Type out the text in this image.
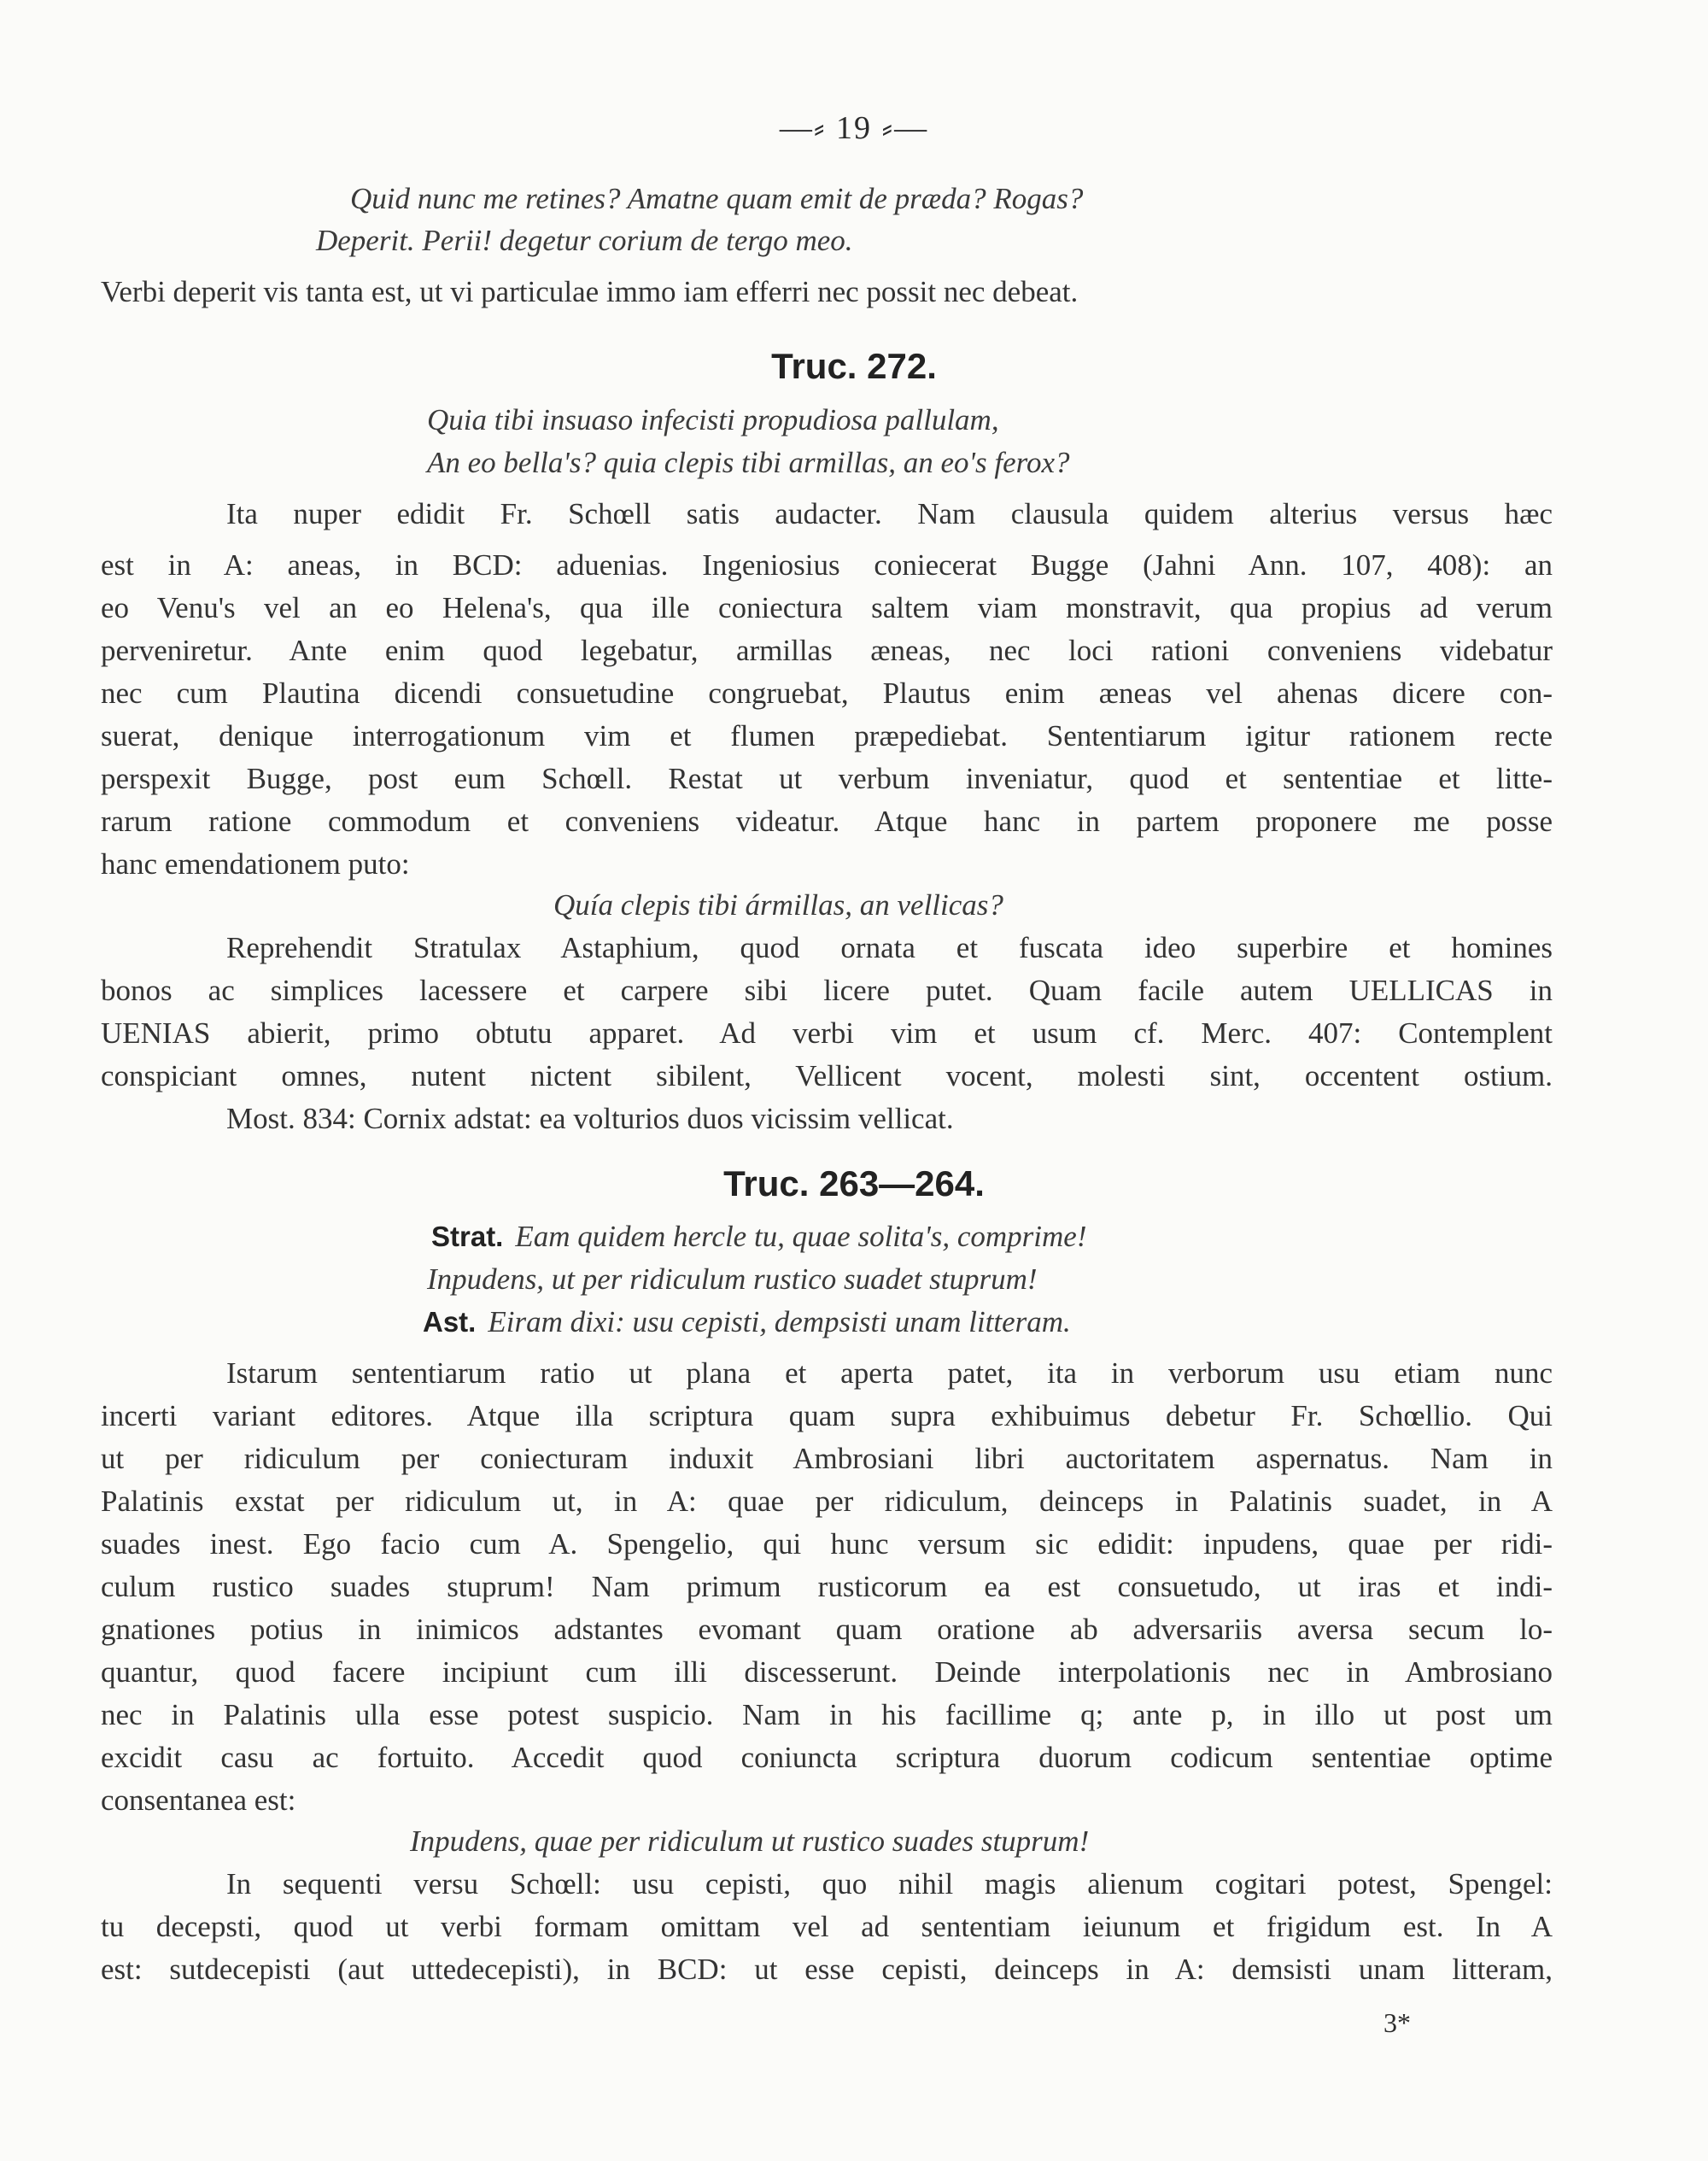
—⸗ 19 ⸗—
Quid nunc me retines? Amatne quam emit de præda? Rogas?
Deperit. Perii! degetur corium de tergo meo.
Verbi deperit vis tanta est, ut vi particulae immo iam efferri nec possit nec debeat.
Truc. 272.
Quia tibi insuaso infecisti propudiosa pallulam,
An eo bella's? quia clepis tibi armillas, an eo's ferox?
Ita nuper edidit Fr. Schœll satis audacter. Nam clausula quidem alterius versus hæc
est in A: aneas, in BCD: aduenias. Ingeniosius coniecerat Bugge (Jahni Ann. 107, 408): an
eo Venu's vel an eo Helena's, qua ille coniectura saltem viam monstravit, qua propius ad verum
perveniretur. Ante enim quod legebatur, armillas æneas, nec loci rationi conveniens videbatur
nec cum Plautina dicendi consuetudine congruebat, Plautus enim æneas vel ahenas dicere con-
suerat, denique interrogationum vim et flumen præpediebat. Sententiarum igitur rationem recte
perspexit Bugge, post eum Schœll. Restat ut verbum inveniatur, quod et sententiae et litte-
rarum ratione commodum et conveniens videatur. Atque hanc in partem proponere me posse
hanc emendationem puto:
Quía clepis tibi ármillas, an vellicas?
Reprehendit Stratulax Astaphium, quod ornata et fuscata ideo superbire et homines
bonos ac simplices lacessere et carpere sibi licere putet. Quam facile autem UELLICAS in
UENIAS abierit, primo obtutu apparet. Ad verbi vim et usum cf. Merc. 407: Contemplent
conspiciant omnes, nutent nictent sibilent, Vellicent vocent, molesti sint, occentent ostium.
Most. 834: Cornix adstat: ea volturios duos vicissim vellicat.
Truc. 263—264.
Strat. Eam quidem hercle tu, quae solita's, comprime!
Inpudens, ut per ridiculum rustico suadet stuprum!
Ast. Eiram dixi: usu cepisti, dempsisti unam litteram.
Istarum sententiarum ratio ut plana et aperta patet, ita in verborum usu etiam nunc
incerti variant editores. Atque illa scriptura quam supra exhibuimus debetur Fr. Schœllio. Qui
ut per ridiculum per coniecturam induxit Ambrosiani libri auctoritatem aspernatus. Nam in
Palatinis exstat per ridiculum ut, in A: quae per ridiculum, deinceps in Palatinis suadet, in A
suades inest. Ego facio cum A. Spengelio, qui hunc versum sic edidit: inpudens, quae per ridi-
culum rustico suades stuprum! Nam primum rusticorum ea est consuetudo, ut iras et indi-
gnationes potius in inimicos adstantes evomant quam oratione ab adversariis aversa secum lo-
quantur, quod facere incipiunt cum illi discesserunt. Deinde interpolationis nec in Ambrosiano
nec in Palatinis ulla esse potest suspicio. Nam in his facillime q; ante p, in illo ut post um
excidit casu ac fortuito. Accedit quod coniuncta scriptura duorum codicum sententiae optime
consentanea est:
Inpudens, quae per ridiculum ut rustico suades stuprum!
In sequenti versu Schœll: usu cepisti, quo nihil magis alienum cogitari potest, Spengel:
tu decepsti, quod ut verbi formam omittam vel ad sententiam ieiunum et frigidum est. In A
est: sutdecepisti (aut uttedecepisti), in BCD: ut esse cepisti, deinceps in A: demsisti unam litteram,
3*
